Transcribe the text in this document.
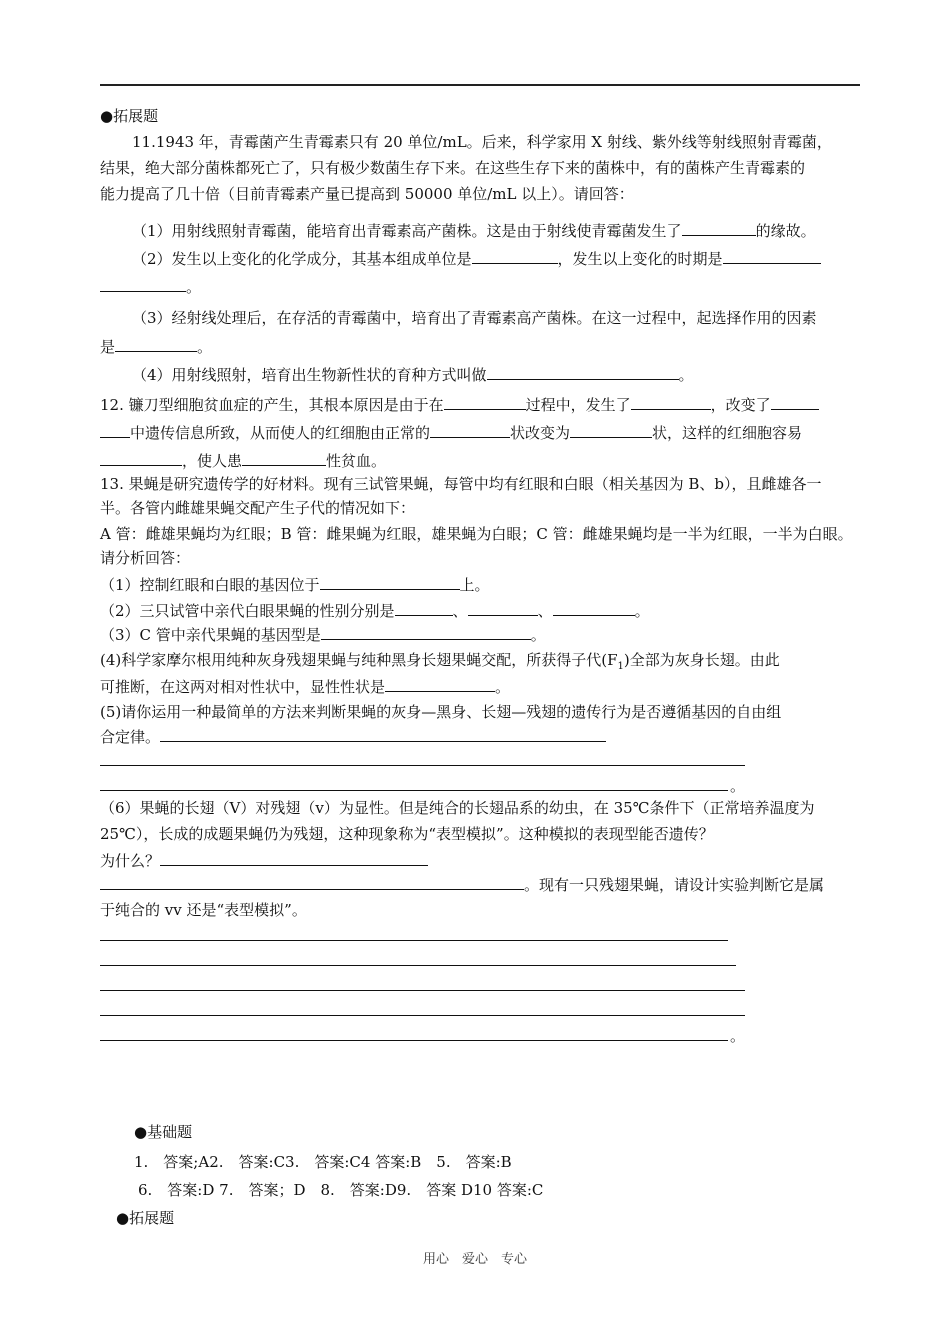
●拓展题
11.1943 年，青霉菌产生青霉素只有 20 单位/mL。后来，科学家用 X 射线、紫外线等射线照射青霉菌，
结果，绝大部分菌株都死亡了，只有极少数菌生存下来。在这些生存下来的菌株中，有的菌株产生青霉素的
能力提高了几十倍（目前青霉素产量已提高到 50000 单位/mL 以上）。请回答：
（1）用射线照射青霉菌，能培育出青霉素高产菌株。这是由于射线使青霉菌发生了	的缘故。
（2）发生以上变化的化学成分，其基本组成单位是	，发生以上变化的时期是
。
（3）经射线处理后，在存活的青霉菌中，培育出了青霉素高产菌株。在这一过程中，起选择作用的因素
是	。
（4）用射线照射，培育出生物新性状的育种方式叫做	。
12. 镰刀型细胞贫血症的产生，其根本原因是由于在	过程中，发生了	，改变了
中遗传信息所致，从而使人的红细胞由正常的	状改变为	状，这样的红细胞容易
，使人患	性贫血。
13. 果蝇是研究遗传学的好材料。现有三试管果蝇，每管中均有红眼和白眼（相关基因为 B、b），且雌雄各一
半。各管内雌雄果蝇交配产生子代的情况如下：
A 管：雌雄果蝇均为红眼；B 管：雌果蝇为红眼，雄果蝇为白眼；C 管：雌雄果蝇均是一半为红眼，一半为白眼。
请分析回答：
（1）控制红眼和白眼的基因位于	上。
（2）三只试管中亲代白眼果蝇的性别分别是	、	、	。
（3）C 管中亲代果蝇的基因型是	。
(4)科学家摩尔根用纯种灰身残翅果蝇与纯种黑身长翅果蝇交配，所获得子代$(F_1)$全部为灰身长翅。由此
可推断，在这两对相对性状中，显性性状是	。
(5)请你运用一种最简单的方法来判断果蝇的灰身—黑身、长翅—残翅的遗传行为是否遵循基因的自由组
合定律。
。
（6）果蝇的长翅（V）对残翅（v）为显性。但是纯合的长翅品系的幼虫，在 35℃条件下（正常培养温度为
25℃），长成的成题果蝇仍为残翅，这种现象称为“表型模拟”。这种模拟的表现型能否遗传？
为什么？
。现有一只残翅果蝇，请设计实验判断它是属
于纯合的 vv 还是“表型模拟”。
。
●基础题
1.　答案;A2.　答案:C3.　答案:C4 答案:B　5.　答案:B
6.　答案:D 7.　答案；D　8.　答案:D9.　答案 D10 答案:C
●拓展题
用心　爱心　专心
